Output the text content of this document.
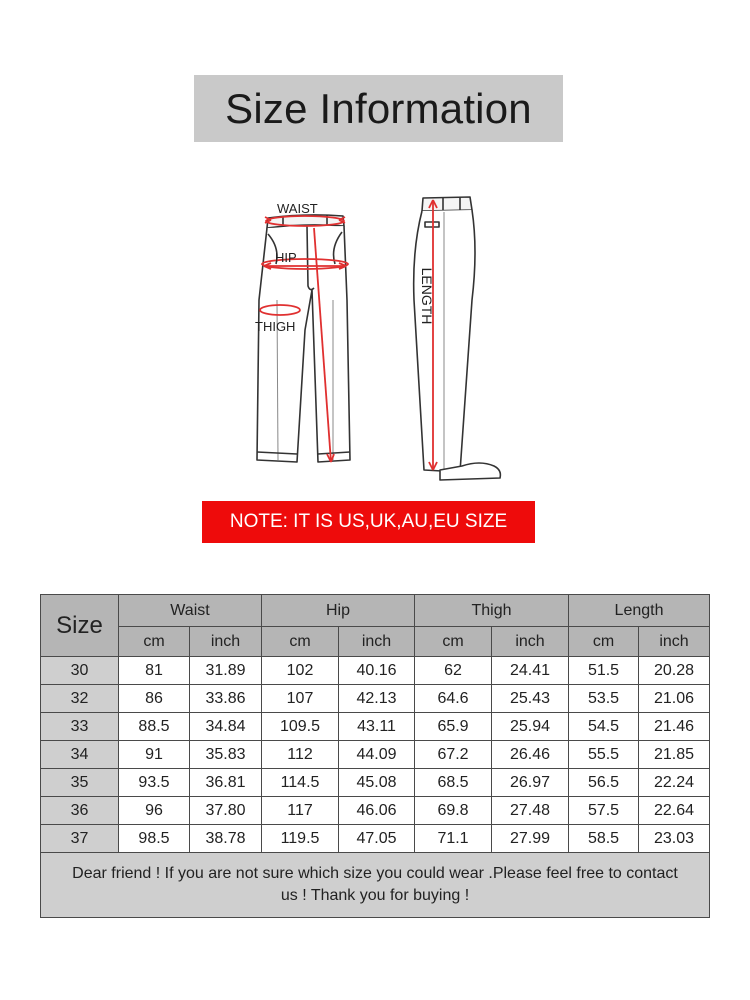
Size Information
WAIST
HIP
THIGH
LENGTH
NOTE: IT IS US,UK,AU,EU SIZE
Size	Waist		Hip		Thigh		Length	
	cm	inch	cm	inch	cm	inch	cm	inch
30	81	31.89	102	40.16	62	24.41	51.5	20.28
32	86	33.86	107	42.13	64.6	25.43	53.5	21.06
33	88.5	34.84	109.5	43.11	65.9	25.94	54.5	21.46
34	91	35.83	112	44.09	67.2	26.46	55.5	21.85
35	93.5	36.81	114.5	45.08	68.5	26.97	56.5	22.24
36	96	37.80	117	46.06	69.8	27.48	57.5	22.64
37	98.5	38.78	119.5	47.05	71.1	27.99	58.5	23.03
Dear friend ! If you are not sure which size you could wear .Please feel free to contact us ! Thank you for buying !								
